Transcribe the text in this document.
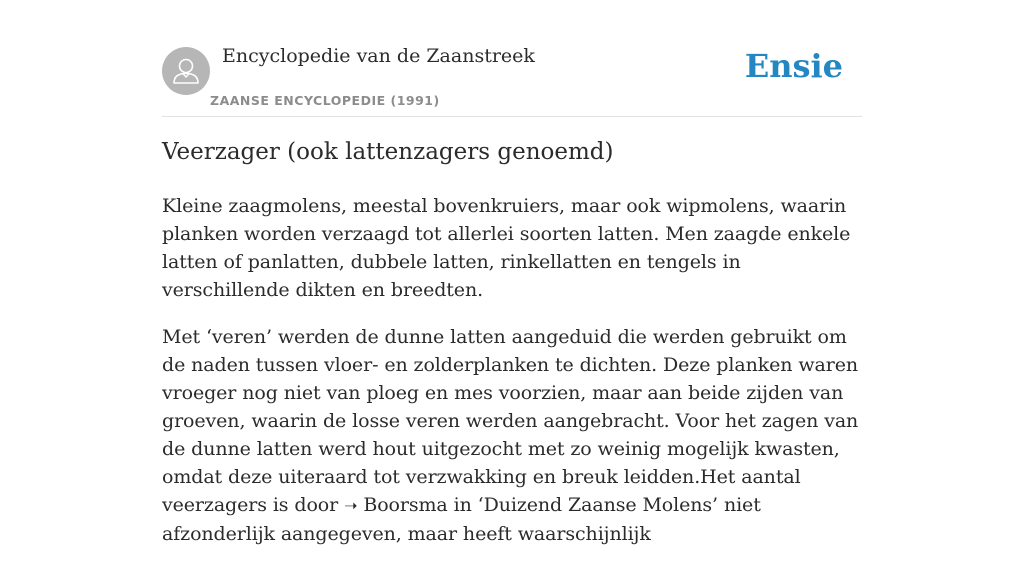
Encyclopedie van de Zaanstreek
ZAANSE ENCYCLOPEDIE (1991)
Ensie
Veerzager (ook lattenzagers genoemd)

Kleine zaagmolens, meestal bovenkruiers, maar ook wipmolens, waarin planken worden verzaagd tot allerlei soorten latten. Men zaagde enkele latten of panlatten, dubbele latten, rinkellatten en tengels in verschillende dikten en breedten.

Met ‘veren’ werden de dunne latten aangeduid die werden gebruikt om de naden tussen vloer- en zolderplanken te dichten. Deze planken waren vroeger nog niet van ploeg en mes voorzien, maar aan beide zijden van groeven, waarin de losse veren werden aangebracht. Voor het zagen van de dunne latten werd hout uitgezocht met zo weinig mogelijk kwasten, omdat deze uiteraard tot verzwakking en breuk leidden.Het aantal veerzagers is door ➝ Boorsma in ‘Duizend Zaanse Molens’ niet afzonderlijk aangegeven, maar heeft waarschijnlijk
